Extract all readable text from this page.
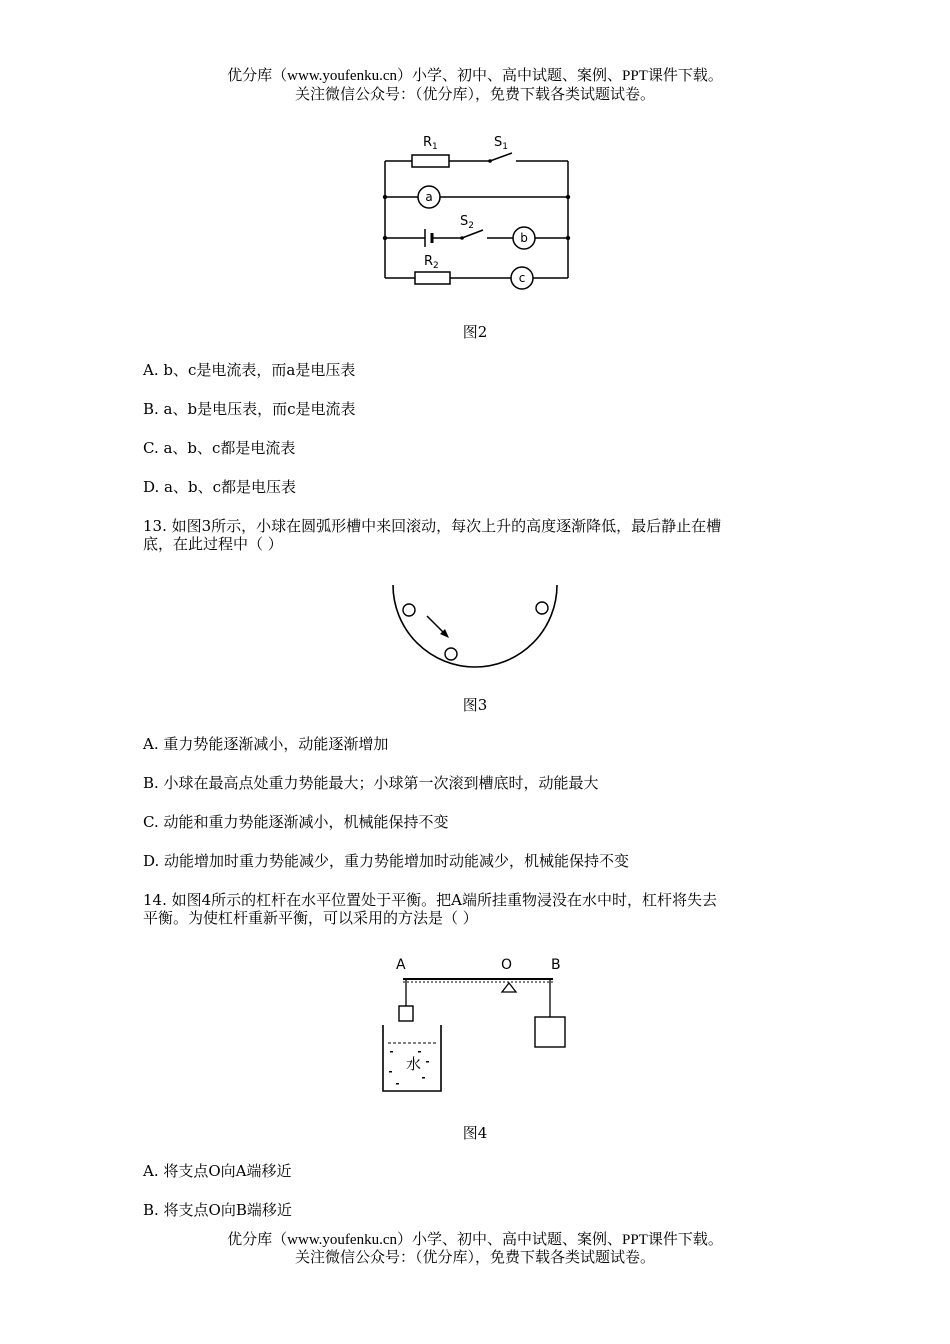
优分库（www.youfenku.cn）小学、初中、高中试题、案例、PPT课件下载。
关注微信公众号：（优分库），免费下载各类试题试卷。
$R_1$	$S_1$
$S_2$
$R_2$
a
b
c
图2
A. b、c是电流表，而a是电压表
B. a、b是电压表，而c是电流表
C. a、b、c都是电流表
D. a、b、c都是电压表
13. 如图3所示，小球在圆弧形槽中来回滚动，每次上升的高度逐渐降低，最后静止在槽
底，在此过程中（ ）
图3
A. 重力势能逐渐减小，动能逐渐增加
B. 小球在最高点处重力势能最大；小球第一次滚到槽底时，动能最大
C. 动能和重力势能逐渐减小，机械能保持不变
D. 动能增加时重力势能减少，重力势能增加时动能减少，机械能保持不变
14. 如图4所示的杠杆在水平位置处于平衡。把A端所挂重物浸没在水中时，杠杆将失去
平衡。为使杠杆重新平衡，可以采用的方法是（ ）
A	O	B
水
图4
A. 将支点O向A端移近
B. 将支点O向B端移近
优分库（www.youfenku.cn）小学、初中、高中试题、案例、PPT课件下载。
关注微信公众号：（优分库），免费下载各类试题试卷。
